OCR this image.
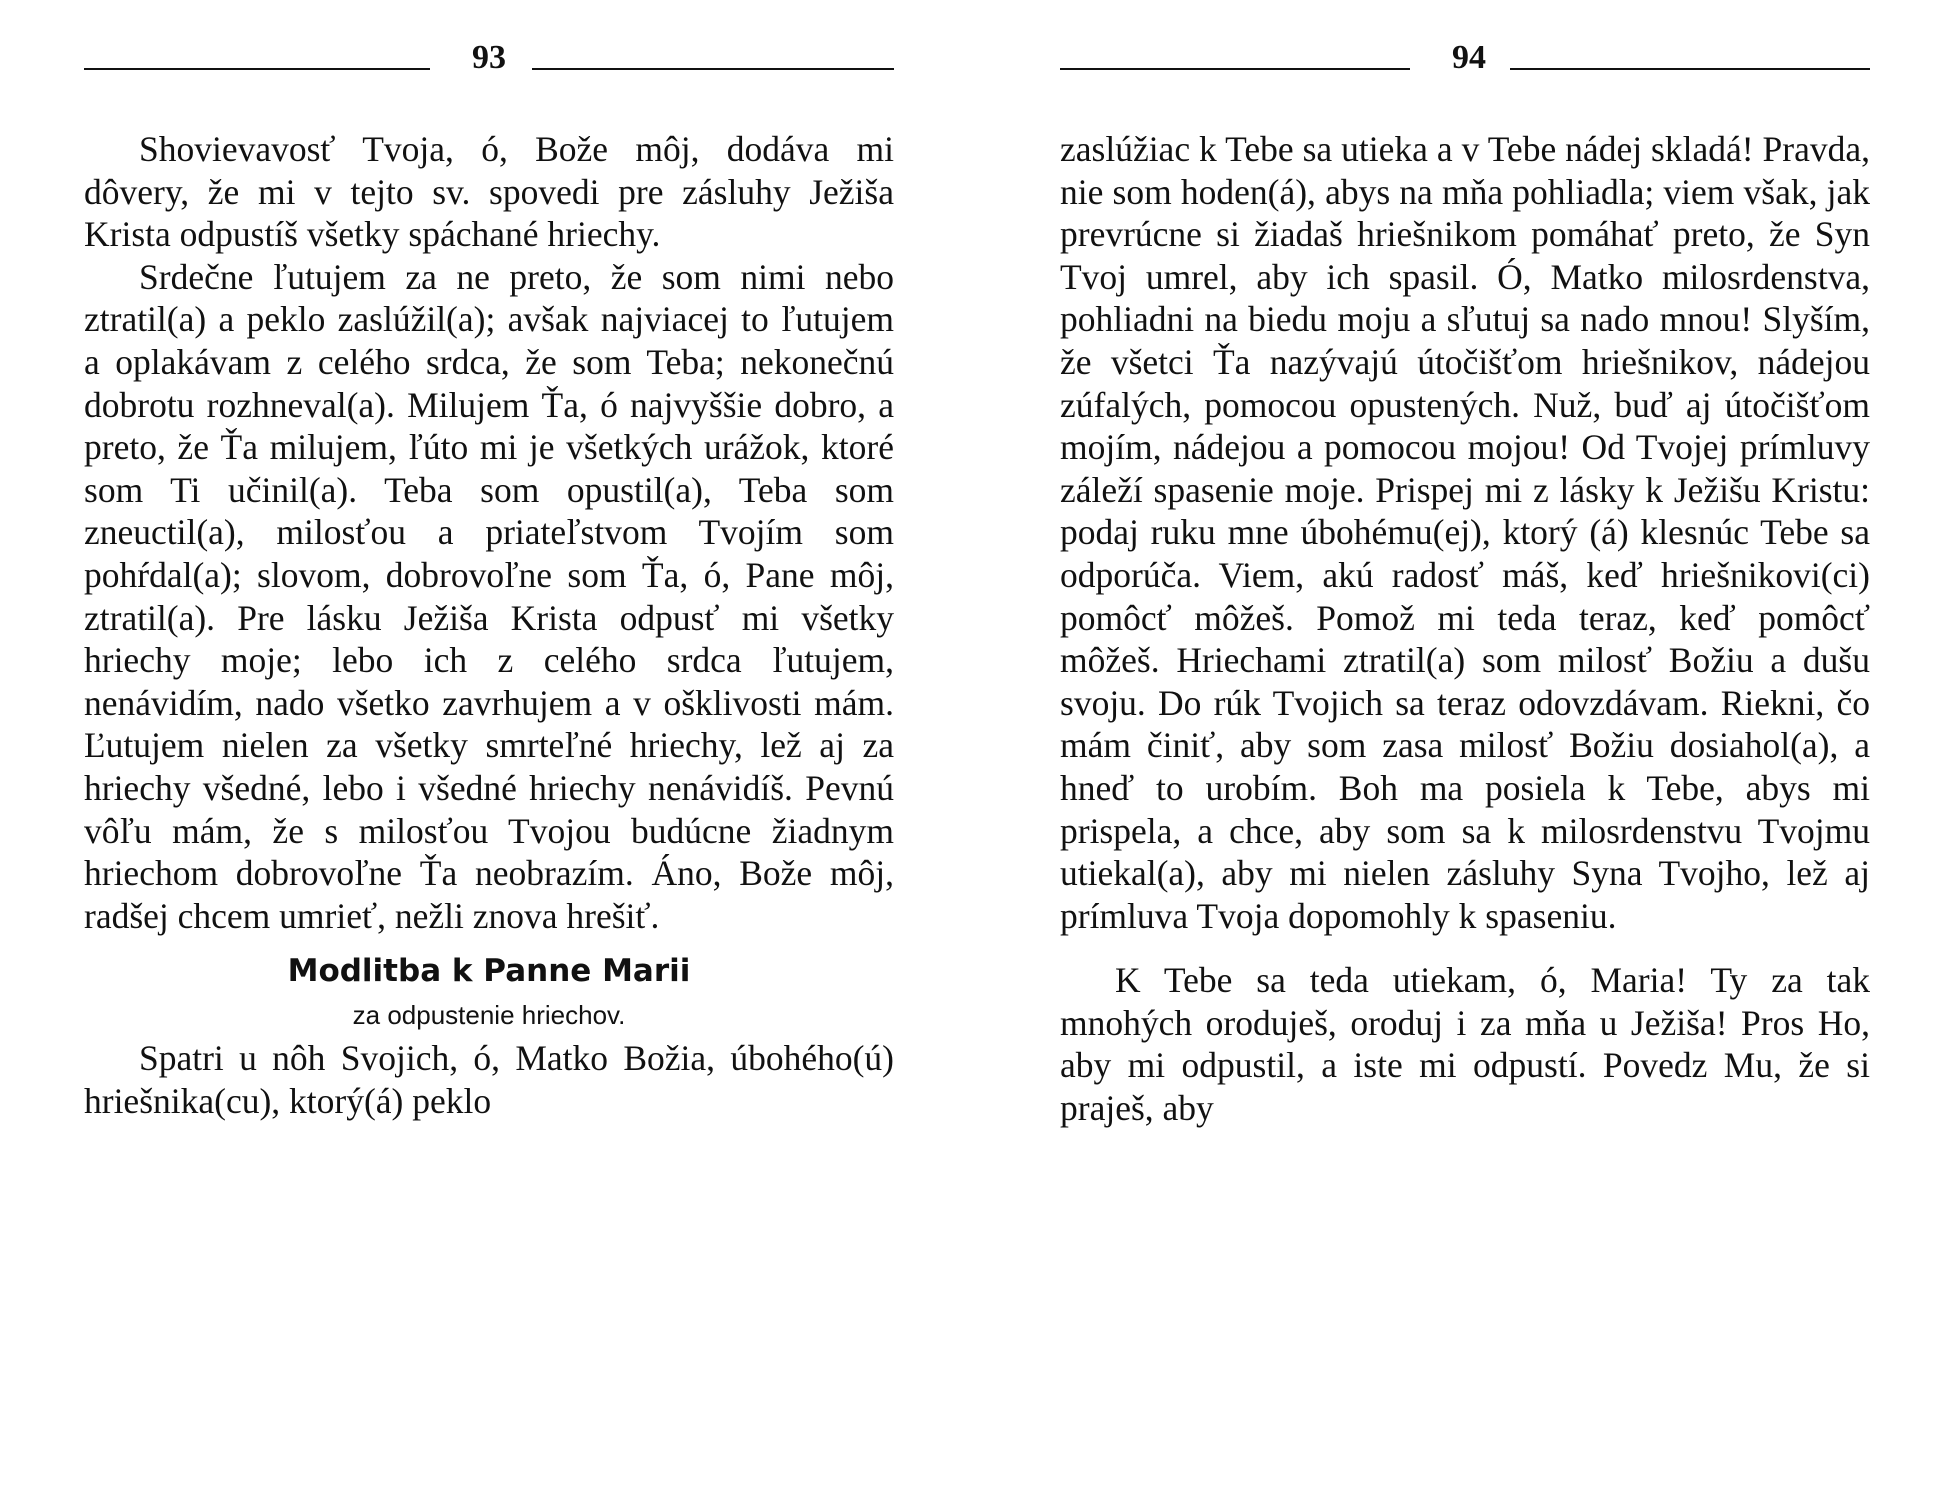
93

Shovievavosť Tvoja, ó, Bože môj, dodáva mi dôvery, že mi v tejto sv. spovedi pre zásluhy Ježiša Krista odpustíš všetky spáchané hriechy.

Srdečne ľutujem za ne preto, že som nimi nebo ztratil(a) a peklo zaslúžil(a); avšak najviacej to ľutujem a oplakávam z celého srdca, že som Teba; nekonečnú dobrotu rozhneval(a). Milujem Ťa, ó najvyššie dobro, a preto, že Ťa milujem, ľúto mi je všetkých urážok, ktoré som Ti učinil(a). Teba som opustil(a), Teba som zneuctil(a), milosťou a priateľstvom Tvojím som pohŕdal(a); slovom, dobrovoľne som Ťa, ó, Pane môj, ztratil(a). Pre lásku Ježiša Krista odpusť mi všetky hriechy moje; lebo ich z celého srdca ľutujem, nenávidím, nado všetko zavrhujem a v ošklivosti mám. Ľutujem nielen za všetky smrteľné hriechy, lež aj za hriechy všedné, lebo i všedné hriechy nenávidíš. Pevnú vôľu mám, že s milosťou Tvojou budúcne žiadnym hriechom dobrovoľne Ťa neobrazím. Áno, Bože môj, radšej chcem umrieť, nežli znova hrešiť.

Modlitba k Panne Marii
za odpustenie hriechov.

Spatri u nôh Svojich, ó, Matko Božia, úbohého(ú) hriešnika(cu), ktorý(á) peklo

94

zaslúžiac k Tebe sa utieka a v Tebe nádej skladá! Pravda, nie som hoden(á), abys na mňa pohliadla; viem však, jak prevrúcne si žiadaš hriešnikom pomáhať preto, že Syn Tvoj umrel, aby ich spasil. Ó, Matko milosrdenstva, pohliadni na biedu moju a sľutuj sa nado mnou! Slyším, že všetci Ťa nazývajú útočišťom hriešnikov, nádejou zúfalých, pomocou opustených. Nuž, buď aj útočišťom mojím, nádejou a pomocou mojou! Od Tvojej prímluvy záleží spasenie moje. Prispej mi z lásky k Ježišu Kristu: podaj ruku mne úbohému(ej), ktorý (á) klesnúc Tebe sa odporúča. Viem, akú radosť máš, keď hriešnikovi(ci) pomôcť môžeš. Pomož mi teda teraz, keď pomôcť môžeš. Hriechami ztratil(a) som milosť Božiu a dušu svoju. Do rúk Tvojich sa teraz odovzdávam. Riekni, čo mám činiť, aby som zasa milosť Božiu dosiahol(a), a hneď to urobím. Boh ma posiela k Tebe, abys mi prispela, a chce, aby som sa k milosrdenstvu Tvojmu utiekal(a), aby mi nielen zásluhy Syna Tvojho, lež aj prímluva Tvoja dopomohly k spaseniu.

K Tebe sa teda utiekam, ó, Maria! Ty za tak mnohých oroduješ, oroduj i za mňa u Ježiša! Pros Ho, aby mi odpustil, a iste mi odpustí. Povedz Mu, že si praješ, aby
